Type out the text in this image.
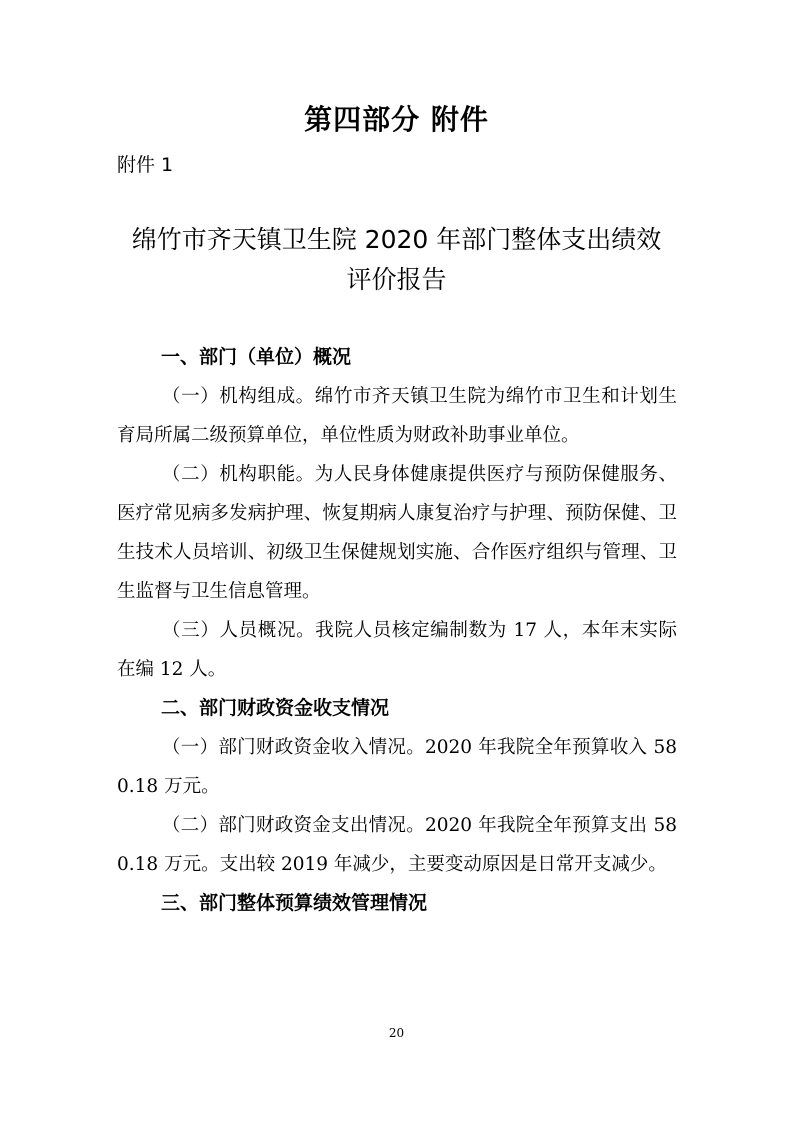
第四部分 附件
附件 1
绵竹市齐天镇卫生院 2020 年部门整体支出绩效
评价报告

一、部门（单位）概况

（一）机构组成。绵竹市齐天镇卫生院为绵竹市卫生和计划生育局所属二级预算单位，单位性质为财政补助事业单位。

（二）机构职能。为人民身体健康提供医疗与预防保健服务、医疗常见病多发病护理、恢复期病人康复治疗与护理、预防保健、卫生技术人员培训、初级卫生保健规划实施、合作医疗组织与管理、卫生监督与卫生信息管理。

（三）人员概况。我院人员核定编制数为 17 人，本年末实际在编 12 人。

二、部门财政资金收支情况

（一）部门财政资金收入情况。2020 年我院全年预算收入 580.18 万元。

（二）部门财政资金支出情况。2020 年我院全年预算支出 580.18 万元。支出较 2019 年减少，主要变动原因是日常开支减少。

三、部门整体预算绩效管理情况

20
